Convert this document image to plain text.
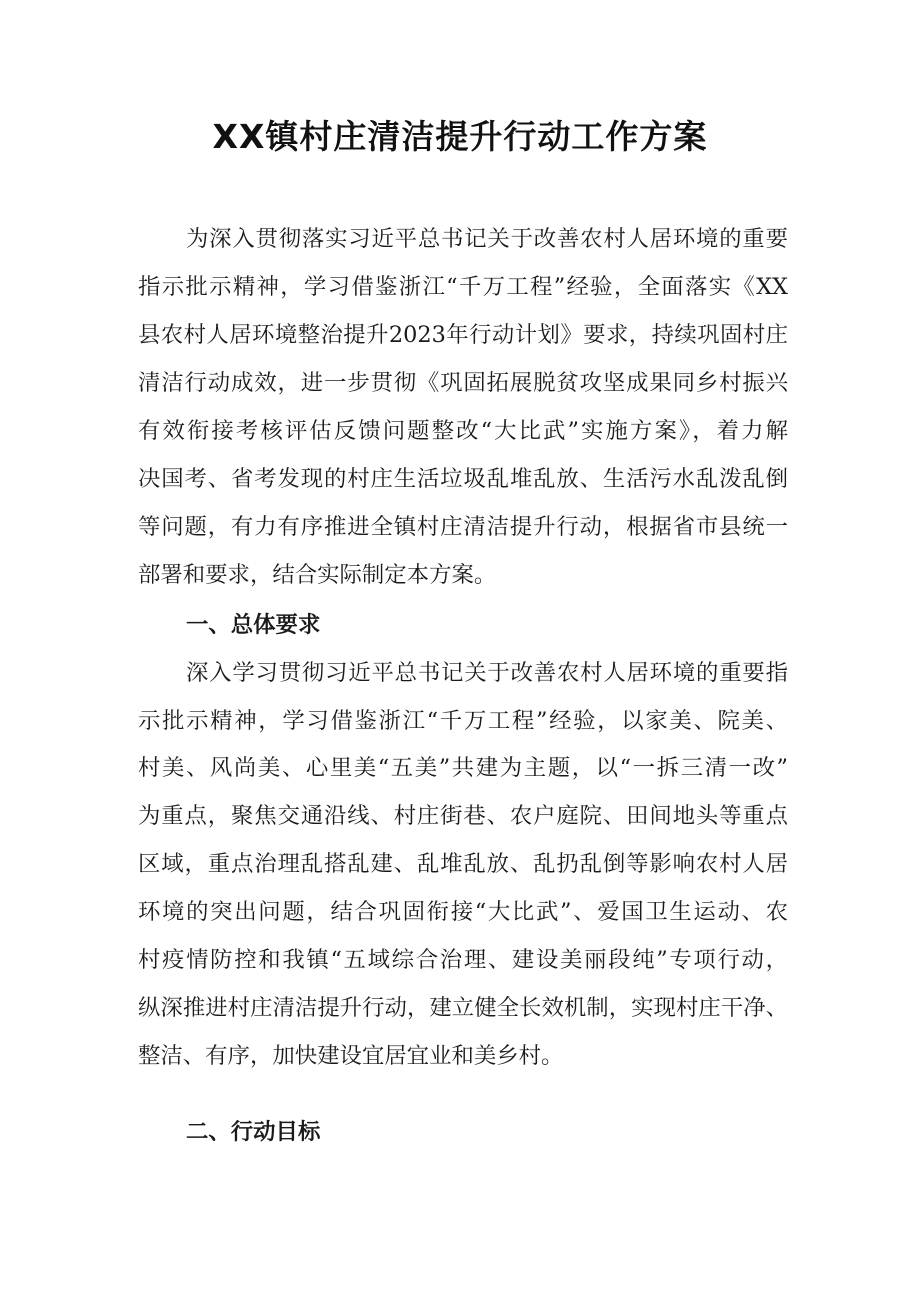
XX镇村庄清洁提升行动工作方案

为深入贯彻落实习近平总书记关于改善农村人居环境的重要

指示批示精神，学习借鉴浙江“千万工程”经验，全面落实《XX

县农村人居环境整治提升2023年行动计划》要求，持续巩固村庄

清洁行动成效，进一步贯彻《巩固拓展脱贫攻坚成果同乡村振兴

有效衔接考核评估反馈问题整改“大比武”实施方案》，着力解

决国考、省考发现的村庄生活垃圾乱堆乱放、生活污水乱泼乱倒

等问题，有力有序推进全镇村庄清洁提升行动，根据省市县统一

部署和要求，结合实际制定本方案。

一、总体要求

深入学习贯彻习近平总书记关于改善农村人居环境的重要指

示批示精神，学习借鉴浙江“千万工程”经验，以家美、院美、

村美、风尚美、心里美“五美”共建为主题，以“一拆三清一改”

为重点，聚焦交通沿线、村庄街巷、农户庭院、田间地头等重点

区域，重点治理乱搭乱建、乱堆乱放、乱扔乱倒等影响农村人居

环境的突出问题，结合巩固衔接“大比武”、爱国卫生运动、农

村疫情防控和我镇“五域综合治理、建设美丽段纯”专项行动，

纵深推进村庄清洁提升行动，建立健全长效机制，实现村庄干净、

整洁、有序，加快建设宜居宜业和美乡村。

二、行动目标
